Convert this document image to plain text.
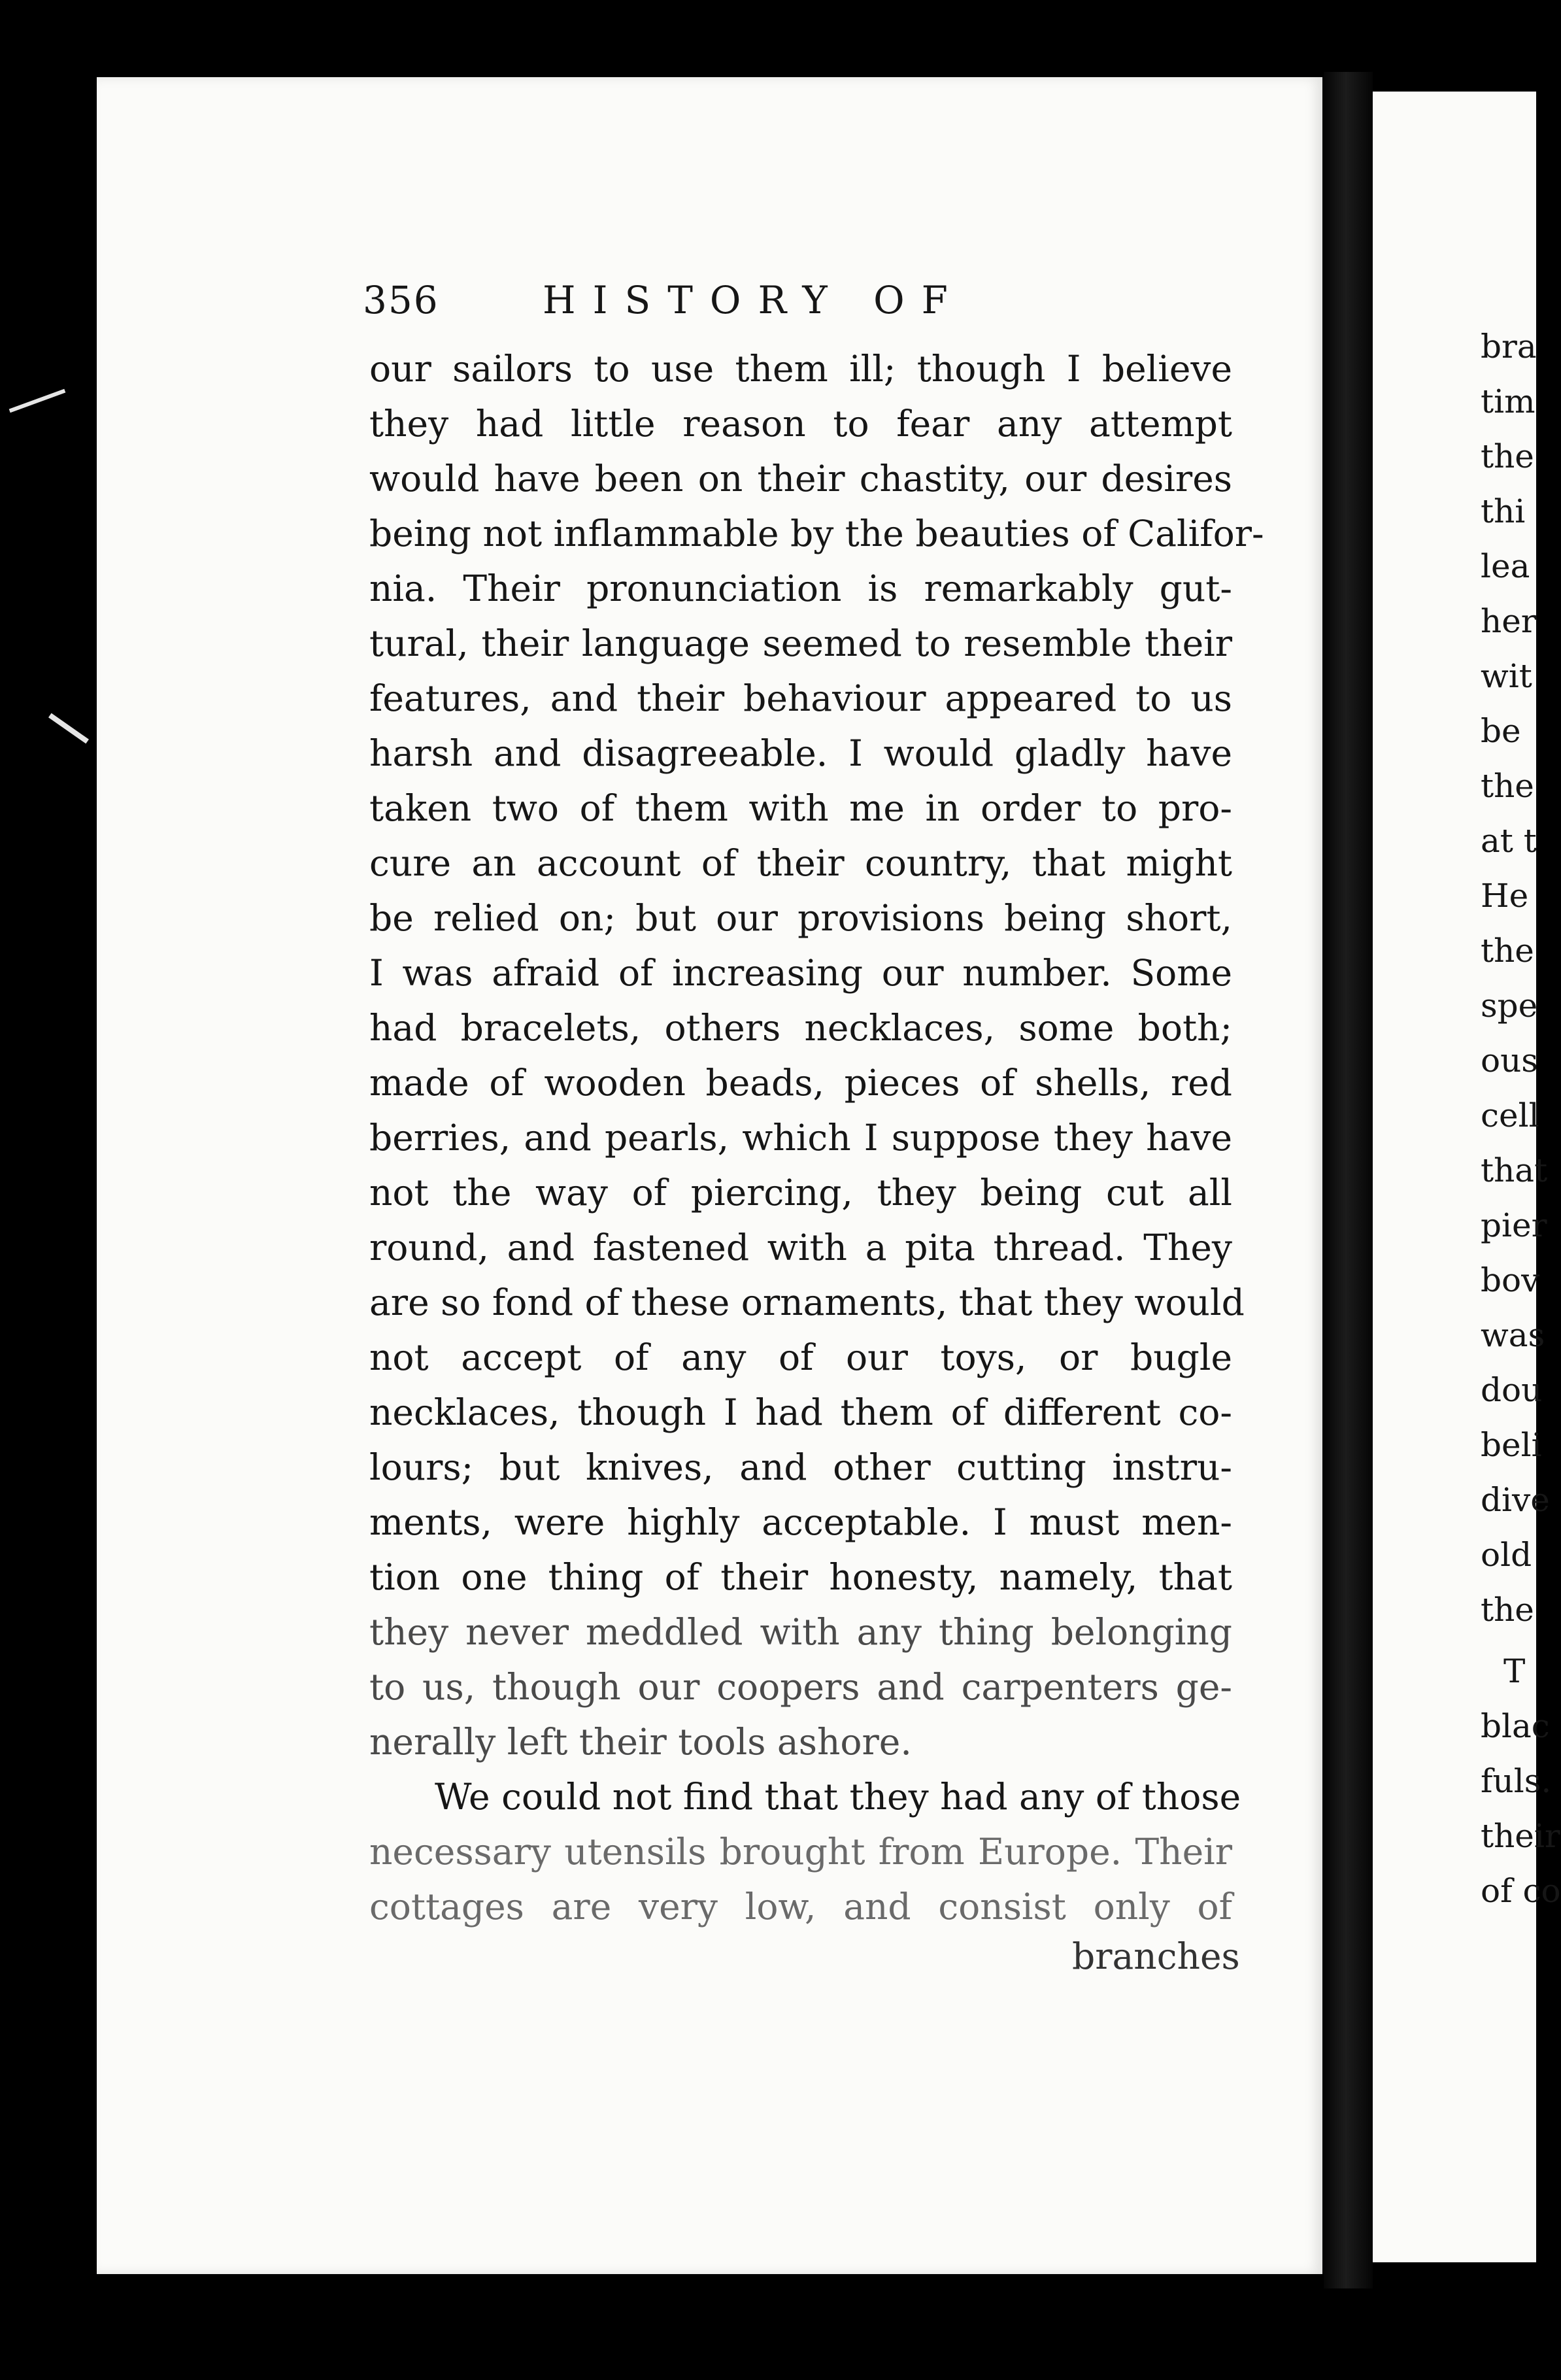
356	HISTORY OF
our sailors to use them ill; though I believe
they had little reason to fear any attempt
would have been on their chastity, our desires
being not inflammable by the beauties of Califor-
nia. Their pronunciation is remarkably gut-
tural, their language seemed to resemble their
features, and their behaviour appeared to us
harsh and disagreeable. I would gladly have
taken two of them with me in order to pro-
cure an account of their country, that might
be relied on; but our provisions being short,
I was afraid of increasing our number. Some
had bracelets, others necklaces, some both;
made of wooden beads, pieces of shells, red
berries, and pearls, which I suppose they have
not the way of piercing, they being cut all
round, and fastened with a pita thread. They
are so fond of these ornaments, that they would
not accept of any of our toys, or bugle
necklaces, though I had them of different co-
lours; but knives, and other cutting instru-
ments, were highly acceptable. I must men-
tion one thing of their honesty, namely, that
they never meddled with any thing belonging
to us, though our coopers and carpenters ge-
nerally left their tools ashore.
We could not find that they had any of those
necessary utensils brought from Europe. Their
cottages are very low, and consist only of
branches
bra
tim
the
thi
lea
her
wit
be
the
at t
He
the
spe
ous
cell
that
pier
bov
was
dou
beli
dive
old
the
T
blac
fuls.
their
of co
